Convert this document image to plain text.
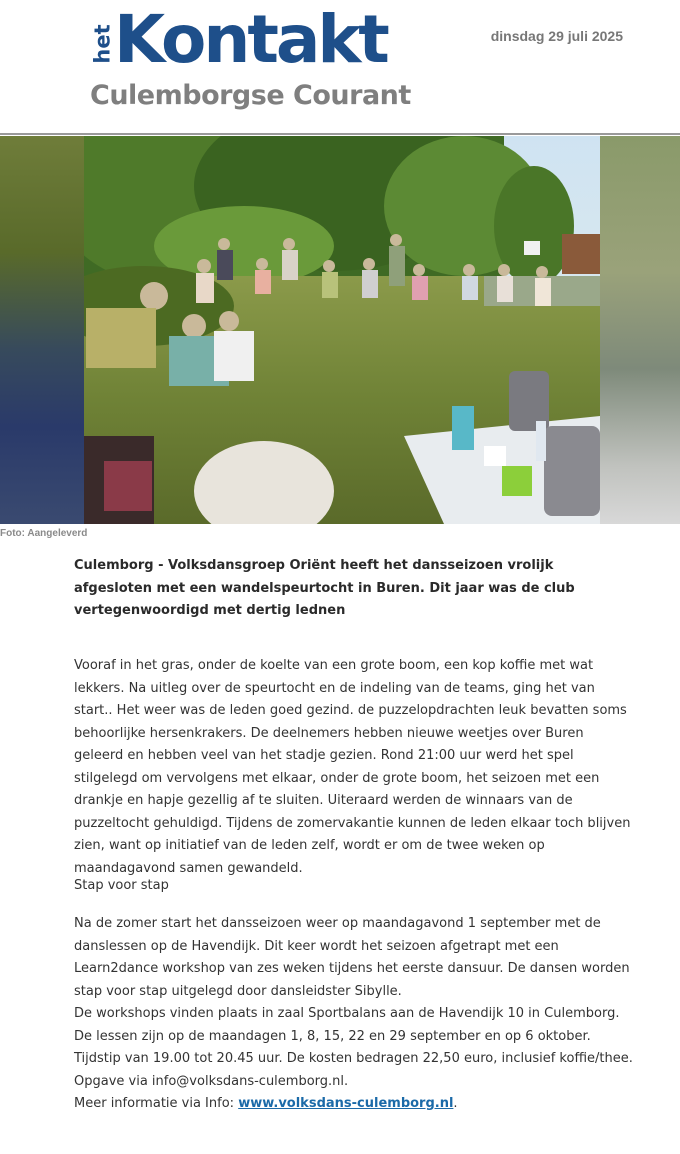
het
Kontakt
Culemborgse Courant
dinsdag 29 juli 2025
Foto: Aangeleverd
Culemborg - Volksdansgroep Oriënt heeft het dansseizoen vrolijk afgesloten met een wandelspeurtocht in Buren. Dit jaar was de club vertegenwoordigd met dertig lednen
Vooraf in het gras, onder de koelte van een grote boom, een kop koffie met wat lekkers. Na uitleg over de speurtocht en de indeling van de teams, ging het van start.. Het weer was de leden goed gezind. de puzzelopdrachten leuk bevatten soms behoorlijke hersenkrakers. De deelnemers hebben nieuwe weetjes over Buren geleerd en hebben veel van het stadje gezien. Rond 21:00 uur werd het spel stilgelegd om vervolgens met elkaar, onder de grote boom, het seizoen met een drankje en hapje gezellig af te sluiten. Uiteraard werden de winnaars van de puzzeltocht gehuldigd. Tijdens de zomervakantie kunnen de leden elkaar toch blijven zien, want op initiatief van de leden zelf, wordt er om de twee weken op maandagavond samen gewandeld.
Stap voor stap
Na de zomer start het dansseizoen weer op maandagavond 1 september met de danslessen op de Havendijk. Dit keer wordt het seizoen afgetrapt met een Learn2dance workshop van zes weken tijdens het eerste dansuur. De dansen worden stap voor stap uitgelegd door dansleidster Sibylle.
De workshops vinden plaats in zaal Sportbalans aan de Havendijk 10 in Culemborg. De lessen zijn op de maandagen 1, 8, 15, 22 en 29 september en op 6 oktober. Tijdstip van 19.00 tot 20.45 uur. De kosten bedragen 22,50 euro, inclusief koffie/thee.
Opgave via info@volksdans-culemborg.nl.
Meer informatie via Info: www.volksdans-culemborg.nl.
